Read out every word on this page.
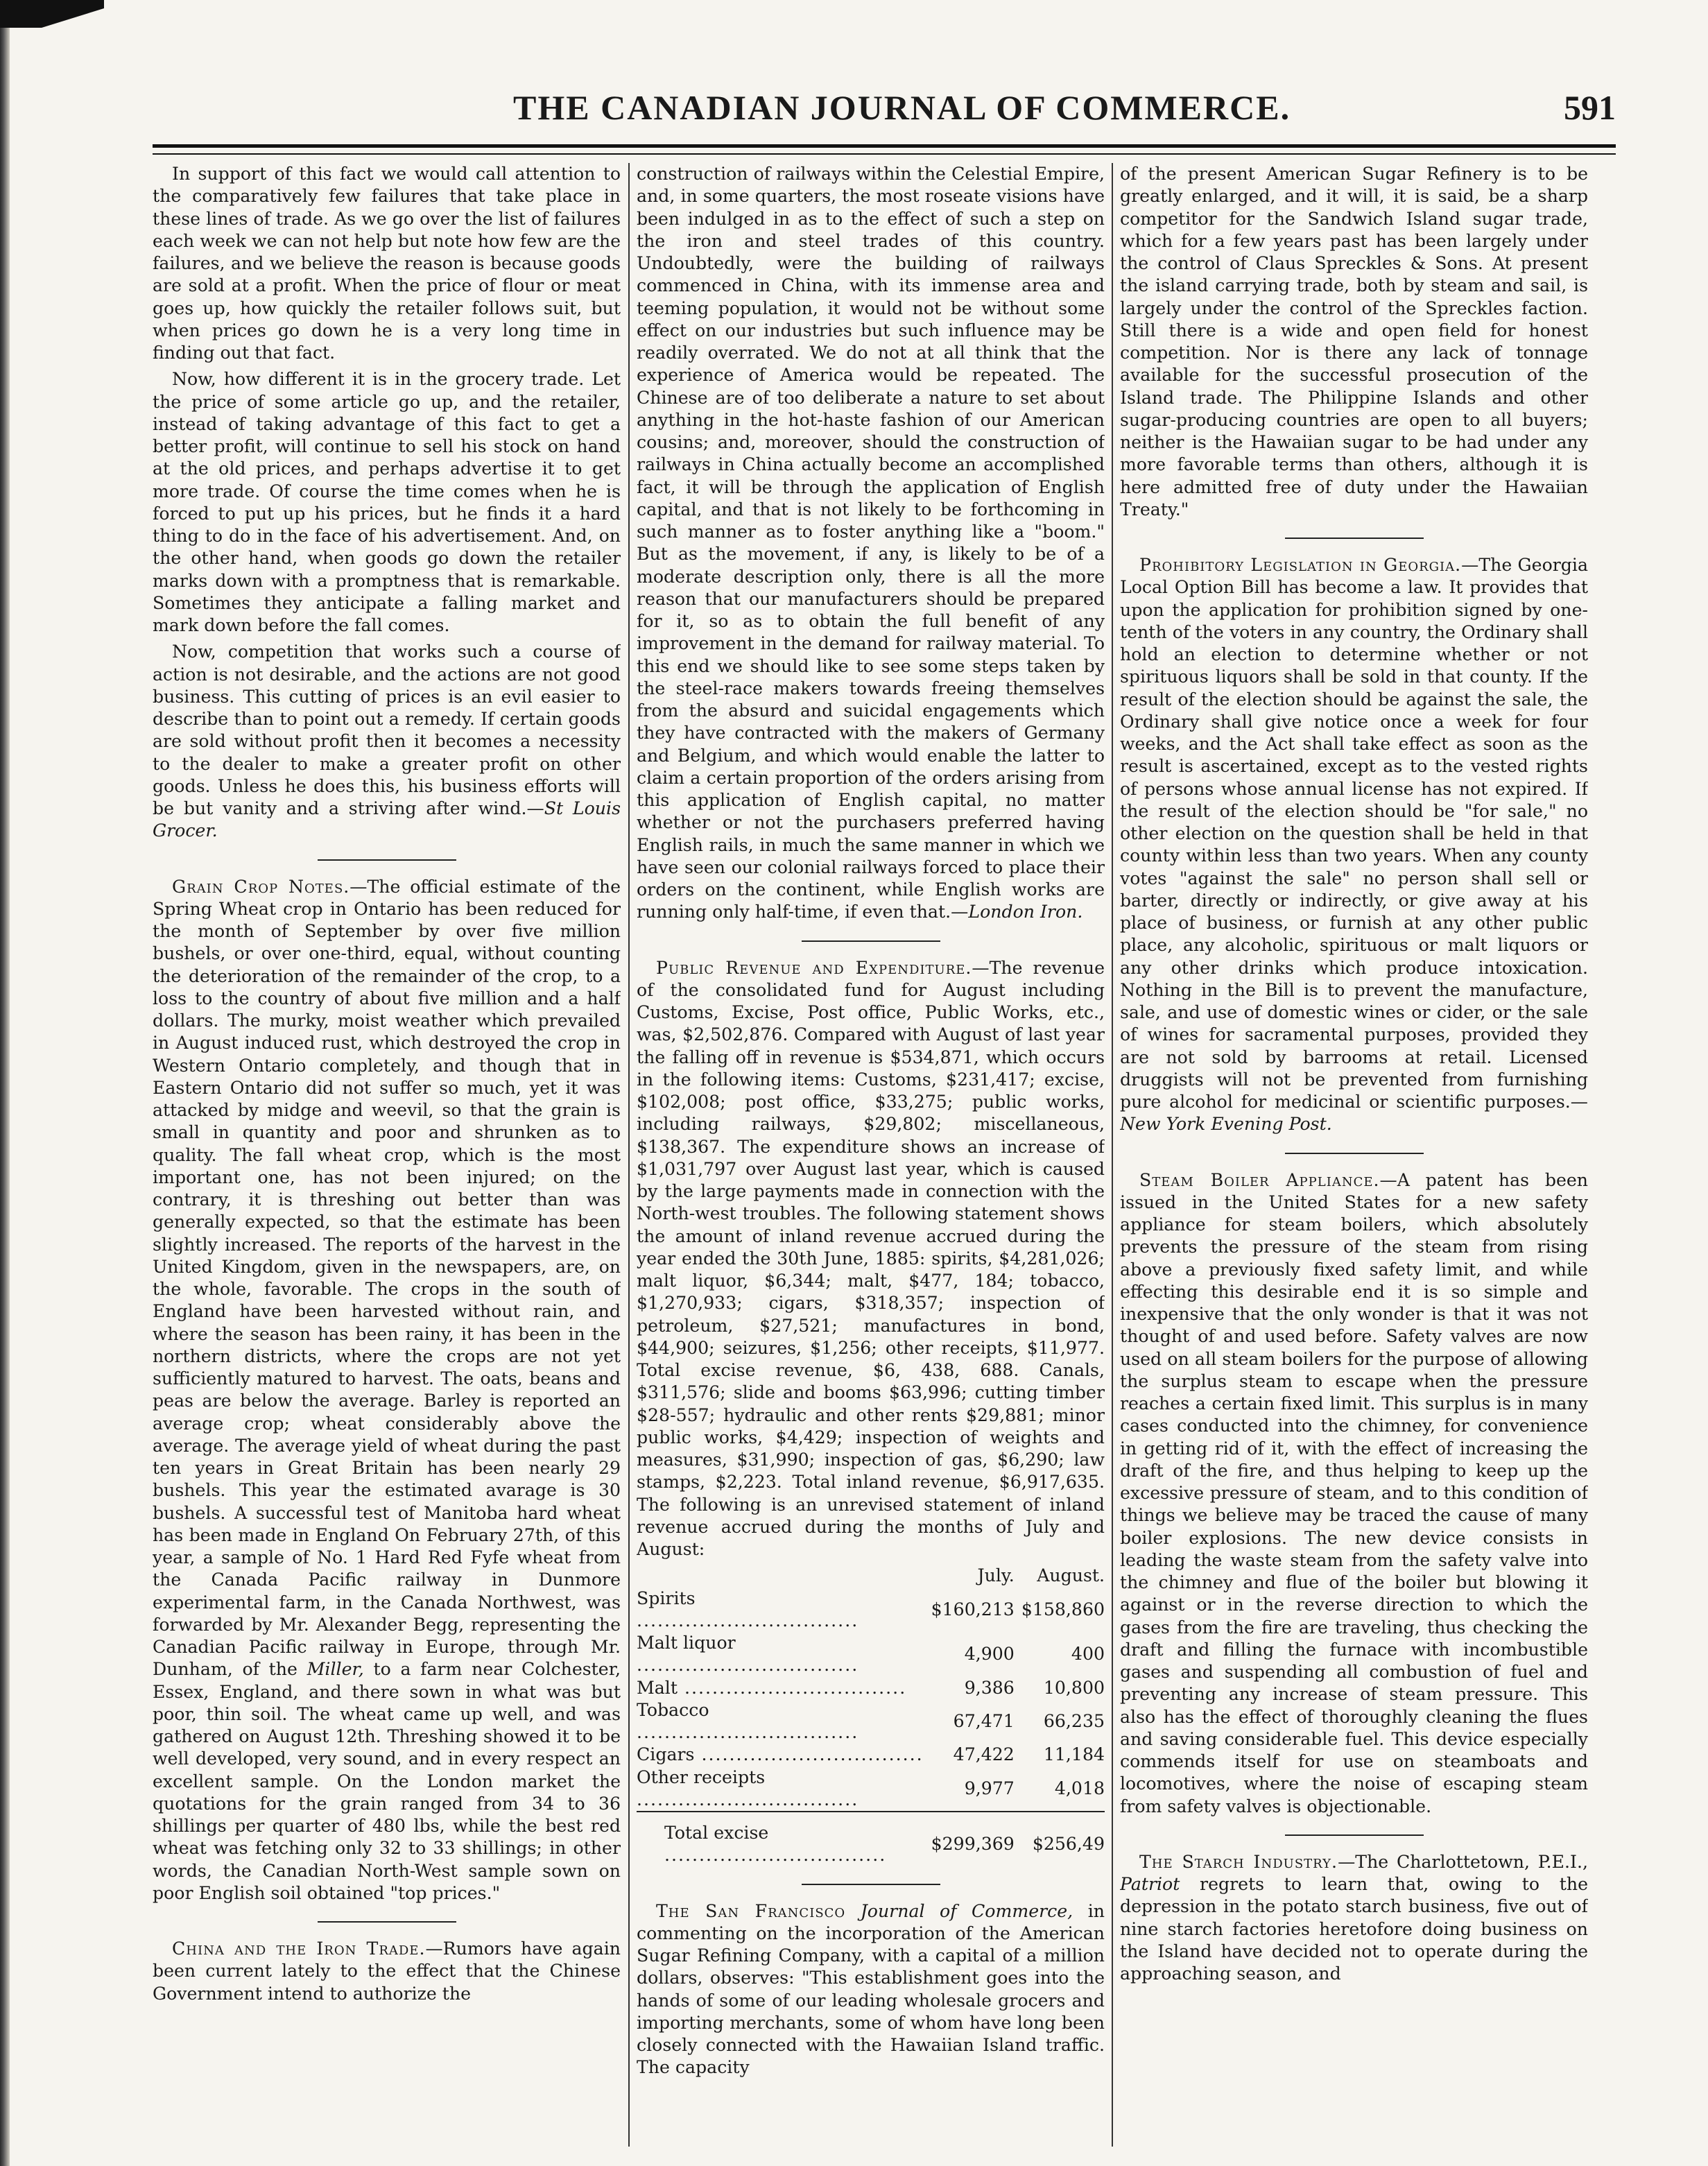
THE CANADIAN JOURNAL OF COMMERCE.	591

In support of this fact we would call attention to the comparatively few failures that take place in these lines of trade. As we go over the list of failures each week we can not help but note how few are the failures, and we believe the reason is because goods are sold at a profit. When the price of flour or meat goes up, how quickly the retailer follows suit, but when prices go down he is a very long time in finding out that fact.

Now, how different it is in the grocery trade. Let the price of some article go up, and the retailer, instead of taking advantage of this fact to get a better profit, will continue to sell his stock on hand at the old prices, and perhaps advertise it to get more trade. Of course the time comes when he is forced to put up his prices, but he finds it a hard thing to do in the face of his advertisement. And, on the other hand, when goods go down the retailer marks down with a promptness that is remarkable. Sometimes they anticipate a falling market and mark down before the fall comes.

Now, competition that works such a course of action is not desirable, and the actions are not good business. This cutting of prices is an evil easier to describe than to point out a remedy. If certain goods are sold without profit then it becomes a necessity to the dealer to make a greater profit on other goods. Unless he does this, his business efforts will be but vanity and a striving after wind.—St Louis Grocer.

Grain Crop Notes.—The official estimate of the Spring Wheat crop in Ontario has been reduced for the month of September by over five million bushels, or over one-third, equal, without counting the deterioration of the remainder of the crop, to a loss to the country of about five million and a half dollars. The murky, moist weather which prevailed in August induced rust, which destroyed the crop in Western Ontario completely, and though that in Eastern Ontario did not suffer so much, yet it was attacked by midge and weevil, so that the grain is small in quantity and poor and shrunken as to quality. The fall wheat crop, which is the most important one, has not been injured; on the contrary, it is threshing out better than was generally expected, so that the estimate has been slightly increased. The reports of the harvest in the United Kingdom, given in the newspapers, are, on the whole, favorable. The crops in the south of England have been harvested without rain, and where the season has been rainy, it has been in the northern districts, where the crops are not yet sufficiently matured to harvest. The oats, beans and peas are below the average. Barley is reported an average crop; wheat considerably above the average. The average yield of wheat during the past ten years in Great Britain has been nearly 29 bushels. This year the estimated avarage is 30 bushels. A successful test of Manitoba hard wheat has been made in England On February 27th, of this year, a sample of No. 1 Hard Red Fyfe wheat from the Canada Pacific railway in Dunmore experimental farm, in the Canada Northwest, was forwarded by Mr. Alexander Begg, representing the Canadian Pacific railway in Europe, through Mr. Dunham, of the Miller, to a farm near Colchester, Essex, England, and there sown in what was but poor, thin soil. The wheat came up well, and was gathered on August 12th. Threshing showed it to be well developed, very sound, and in every respect an excellent sample. On the London market the quotations for the grain ranged from 34 to 36 shillings per quarter of 480 lbs, while the best red wheat was fetching only 32 to 33 shillings; in other words, the Canadian North-West sample sown on poor English soil obtained "top prices."

China and the Iron Trade.—Rumors have again been current lately to the effect that the Chinese Government intend to authorize the

construction of railways within the Celestial Empire, and, in some quarters, the most roseate visions have been indulged in as to the effect of such a step on the iron and steel trades of this country. Undoubtedly, were the building of railways commenced in China, with its immense area and teeming population, it would not be without some effect on our industries but such influence may be readily overrated. We do not at all think that the experience of America would be repeated. The Chinese are of too deliberate a nature to set about anything in the hot-haste fashion of our American cousins; and, moreover, should the construction of railways in China actually become an accomplished fact, it will be through the application of English capital, and that is not likely to be forthcoming in such manner as to foster anything like a "boom." But as the movement, if any, is likely to be of a moderate description only, there is all the more reason that our manufacturers should be prepared for it, so as to obtain the full benefit of any improvement in the demand for railway material. To this end we should like to see some steps taken by the steel-race makers towards freeing themselves from the absurd and suicidal engagements which they have contracted with the makers of Germany and Belgium, and which would enable the latter to claim a certain proportion of the orders arising from this application of English capital, no matter whether or not the purchasers preferred having English rails, in much the same manner in which we have seen our colonial railways forced to place their orders on the continent, while English works are running only half-time, if even that.—London Iron.

Public Revenue and Expenditure.—The revenue of the consolidated fund for August including Customs, Excise, Post office, Public Works, etc., was, $2,502,876. Compared with August of last year the falling off in revenue is $534,871, which occurs in the following items: Customs, $231,417; excise, $102,008; post office, $33,275; public works, including railways, $29,802; miscellaneous, $138,367. The expenditure shows an increase of $1,031,797 over August last year, which is caused by the large payments made in connection with the North-west troubles. The following statement shows the amount of inland revenue accrued during the year ended the 30th June, 1885: spirits, $4,281,026; malt liquor, $6,344; malt, $477, 184; tobacco, $1,270,933; cigars, $318,357; inspection of petroleum, $27,521; manufactures in bond, $44,900; seizures, $1,256; other receipts, $11,977. Total excise revenue, $6, 438, 688. Canals, $311,576; slide and booms $63,996; cutting timber $28-557; hydraulic and other rents $29,881; minor public works, $4,429; inspection of weights and measures, $31,990; inspection of gas, $6,290; law stamps, $2,223. Total inland revenue, $6,917,635. The following is an unrevised statement of inland revenue accrued during the months of July and August:

	July.	August.
Spirits .....	$160,213	$158,860
Malt liquor .....	4,900	400
Malt .....	9,386	10,800
Tobacco .....	67,471	66,235
Cigars .....	47,422	11,184
Other receipts .....	9,977	4,018

Total excise .....	$299,369	$256,49

The San Francisco Journal of Commerce, in commenting on the incorporation of the American Sugar Refining Company, with a capital of a million dollars, observes: "This establishment goes into the hands of some of our leading wholesale grocers and importing merchants, some of whom have long been closely connected with the Hawaiian Island traffic. The capacity

of the present American Sugar Refinery is to be greatly enlarged, and it will, it is said, be a sharp competitor for the Sandwich Island sugar trade, which for a few years past has been largely under the control of Claus Spreckles & Sons. At present the island carrying trade, both by steam and sail, is largely under the control of the Spreckles faction. Still there is a wide and open field for honest competition. Nor is there any lack of tonnage available for the successful prosecution of the Island trade. The Philippine Islands and other sugar-producing countries are open to all buyers; neither is the Hawaiian sugar to be had under any more favorable terms than others, although it is here admitted free of duty under the Hawaiian Treaty."

Prohibitory Legislation in Georgia.—The Georgia Local Option Bill has become a law. It provides that upon the application for prohibition signed by one-tenth of the voters in any country, the Ordinary shall hold an election to determine whether or not spirituous liquors shall be sold in that county. If the result of the election should be against the sale, the Ordinary shall give notice once a week for four weeks, and the Act shall take effect as soon as the result is ascertained, except as to the vested rights of persons whose annual license has not expired. If the result of the election should be "for sale," no other election on the question shall be held in that county within less than two years. When any county votes "against the sale" no person shall sell or barter, directly or indirectly, or give away at his place of business, or furnish at any other public place, any alcoholic, spirituous or malt liquors or any other drinks which produce intoxication. Nothing in the Bill is to prevent the manufacture, sale, and use of domestic wines or cider, or the sale of wines for sacramental purposes, provided they are not sold by barrooms at retail. Licensed druggists will not be prevented from furnishing pure alcohol for medicinal or scientific purposes.—New York Evening Post.

Steam Boiler Appliance.—A patent has been issued in the United States for a new safety appliance for steam boilers, which absolutely prevents the pressure of the steam from rising above a previously fixed safety limit, and while effecting this desirable end it is so simple and inexpensive that the only wonder is that it was not thought of and used before. Safety valves are now used on all steam boilers for the purpose of allowing the surplus steam to escape when the pressure reaches a certain fixed limit. This surplus is in many cases conducted into the chimney, for convenience in getting rid of it, with the effect of increasing the draft of the fire, and thus helping to keep up the excessive pressure of steam, and to this condition of things we believe may be traced the cause of many boiler explosions. The new device consists in leading the waste steam from the safety valve into the chimney and flue of the boiler but blowing it against or in the reverse direction to which the gases from the fire are traveling, thus checking the draft and filling the furnace with incombustible gases and suspending all combustion of fuel and preventing any increase of steam pressure. This also has the effect of thoroughly cleaning the flues and saving considerable fuel. This device especially commends itself for use on steamboats and locomotives, where the noise of escaping steam from safety valves is objectionable.

The Starch Industry.—The Charlottetown, P.E.I., Patriot regrets to learn that, owing to the depression in the potato starch business, five out of nine starch factories heretofore doing business on the Island have decided not to operate during the approaching season, and
